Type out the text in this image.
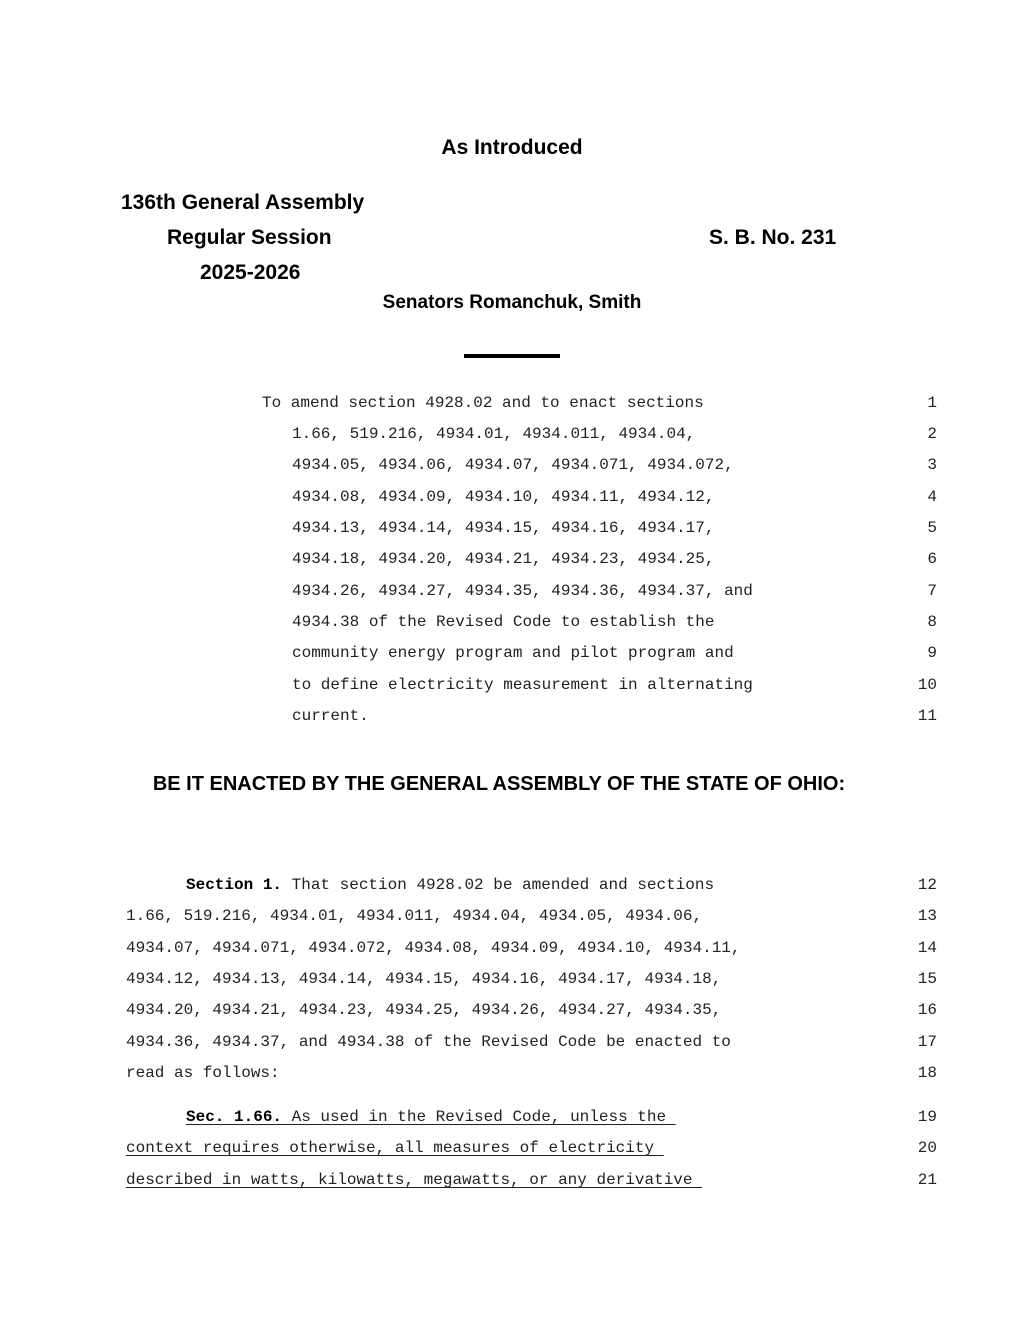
As Introduced
136th General Assembly
Regular Session
2025-2026
S. B. No. 231
Senators Romanchuk, Smith
To amend section 4928.02 and to enact sections	1
1.66, 519.216, 4934.01, 4934.011, 4934.04,	2
4934.05, 4934.06, 4934.07, 4934.071, 4934.072,	3
4934.08, 4934.09, 4934.10, 4934.11, 4934.12,	4
4934.13, 4934.14, 4934.15, 4934.16, 4934.17,	5
4934.18, 4934.20, 4934.21, 4934.23, 4934.25,	6
4934.26, 4934.27, 4934.35, 4934.36, 4934.37, and	7
4934.38 of the Revised Code to establish the	8
community energy program and pilot program and	9
to define electricity measurement in alternating	10
current.	11
BE IT ENACTED BY THE GENERAL ASSEMBLY OF THE STATE OF OHIO:
Section 1. That section 4928.02 be amended and sections	12
1.66, 519.216, 4934.01, 4934.011, 4934.04, 4934.05, 4934.06,	13
4934.07, 4934.071, 4934.072, 4934.08, 4934.09, 4934.10, 4934.11,	14
4934.12, 4934.13, 4934.14, 4934.15, 4934.16, 4934.17, 4934.18,	15
4934.20, 4934.21, 4934.23, 4934.25, 4934.26, 4934.27, 4934.35,	16
4934.36, 4934.37, and 4934.38 of the Revised Code be enacted to	17
read as follows:	18
Sec. 1.66. As used in the Revised Code, unless the	19
context requires otherwise, all measures of electricity	20
described in watts, kilowatts, megawatts, or any derivative	21
